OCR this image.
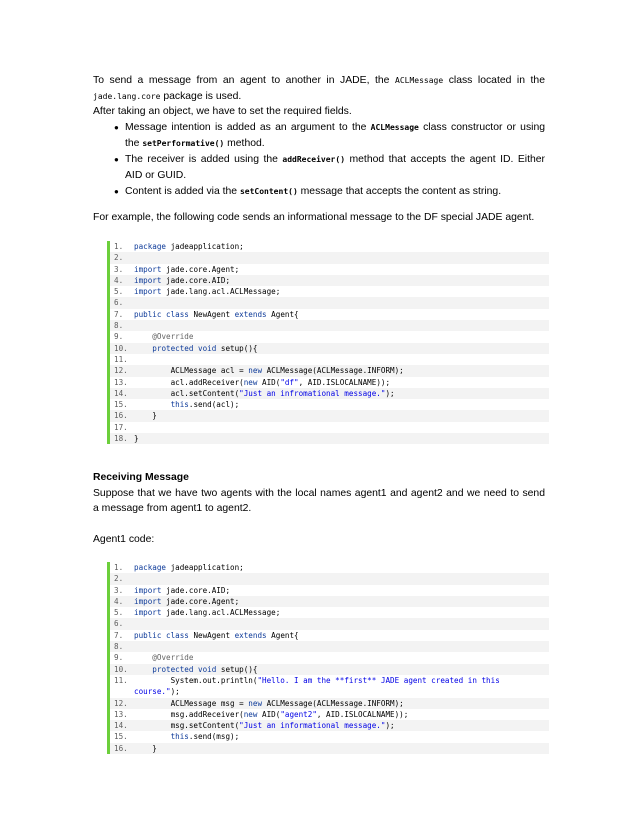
To send a message from an agent to another in JADE, the ACLMessage class located in the
jade.lang.core package is used.
After taking an object, we have to set the required fields.
● Message intention is added as an argument to the ACLMessage class constructor or using
the setPerformative() method.
● The receiver is added using the addReceiver() method that accepts the agent ID. Either
AID or GUID.
● Content is added via the setContent() message that accepts the content as string.
For example, the following code sends an informational message to the DF special JADE agent.
1.	package jadeapplication;
2.
3.	import jade.core.Agent;
4.	import jade.core.AID;
5.	import jade.lang.acl.ACLMessage;
6.
7.	public class NewAgent extends Agent{
8.
9.	@Override
10.	protected void setup(){
11.
12. ACLMessage acl = new ACLMessage(ACLMessage.INFORM);
13. acl.addReceiver(new AID("df", AID.ISLOCALNAME));
14. acl.setContent("Just an infromational message.");
15.	this.send(acl);
16. }
17.
18. }
Receiving Message
Suppose that we have two agents with the local names agent1 and agent2 and we need to send
a message from agent1 to agent2.
Agent1 code:
1.	package jadeapplication;
2.
3.	import jade.core.AID;
4.	import jade.core.Agent;
5.	import jade.lang.acl.ACLMessage;
6.
7.	public class NewAgent extends Agent{
8.
9.	@Override
10.	protected void setup(){
11. System.out.println("Hello. I am the **first** JADE agent created in this course.");
12. ACLMessage msg = new ACLMessage(ACLMessage.INFORM);
13. msg.addReceiver(new AID("agent2", AID.ISLOCALNAME));
14. msg.setContent("Just an informational message.");
15.	this.send(msg);
16. }
